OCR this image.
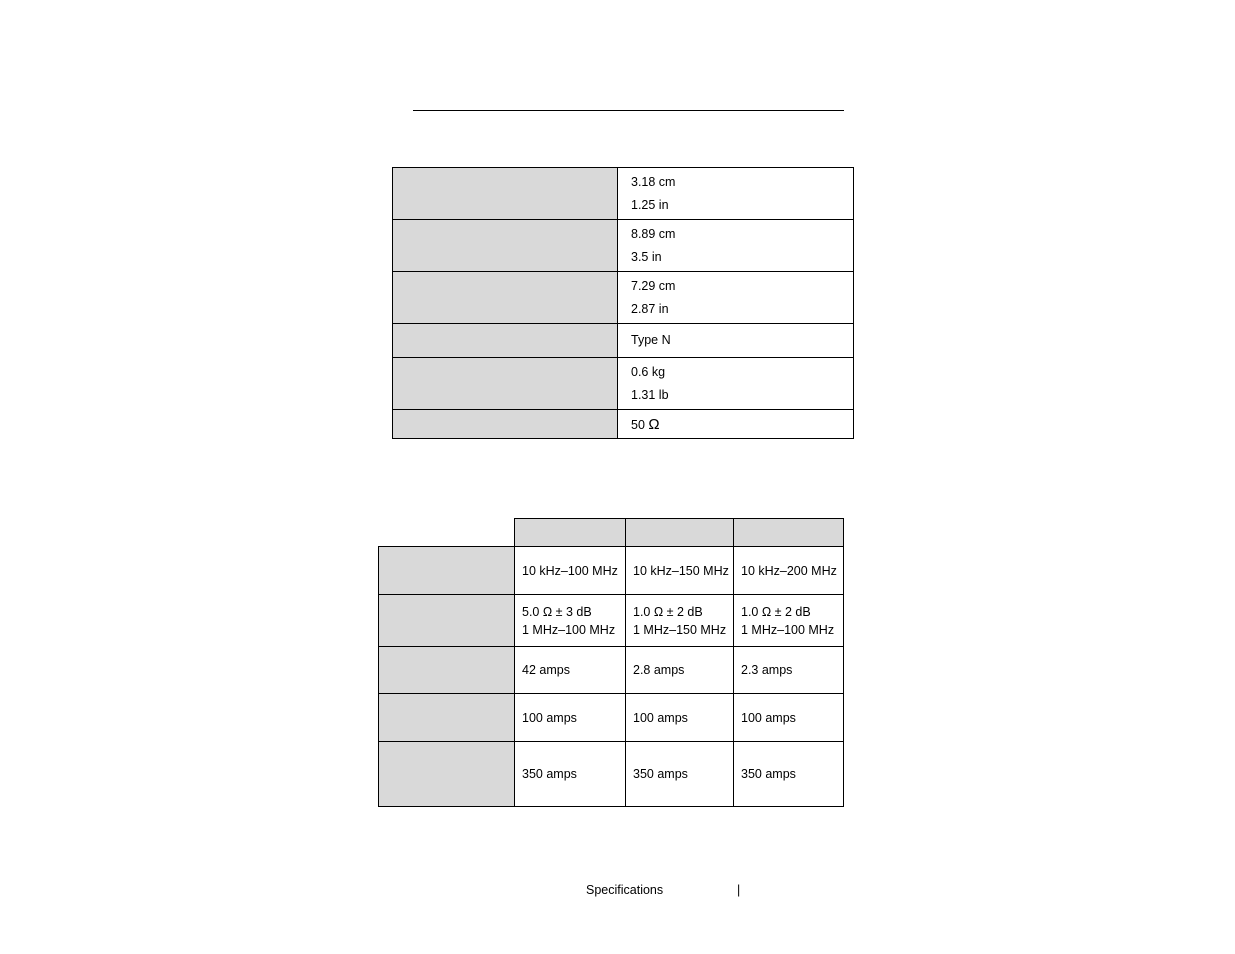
	3.18 cm
1.25 in

	8.89 cm
3.5 in

	7.29 cm
2.87 in

	Type N

	0.6 kg
1.31 lb

	50 Ω

	10 kHz–100 MHz	10 kHz–150 MHz	10 kHz–200 MHz

	5.0 Ω ± 3 dB
1 MHz–100 MHz	1.0 Ω ± 2 dB
1 MHz–150 MHz	1.0 Ω ± 2 dB
1 MHz–100 MHz

	42 amps	2.8 amps	2.3 amps
	100 amps	100 amps	100 amps
	350 amps	350 amps	350 amps
Specifications	|
